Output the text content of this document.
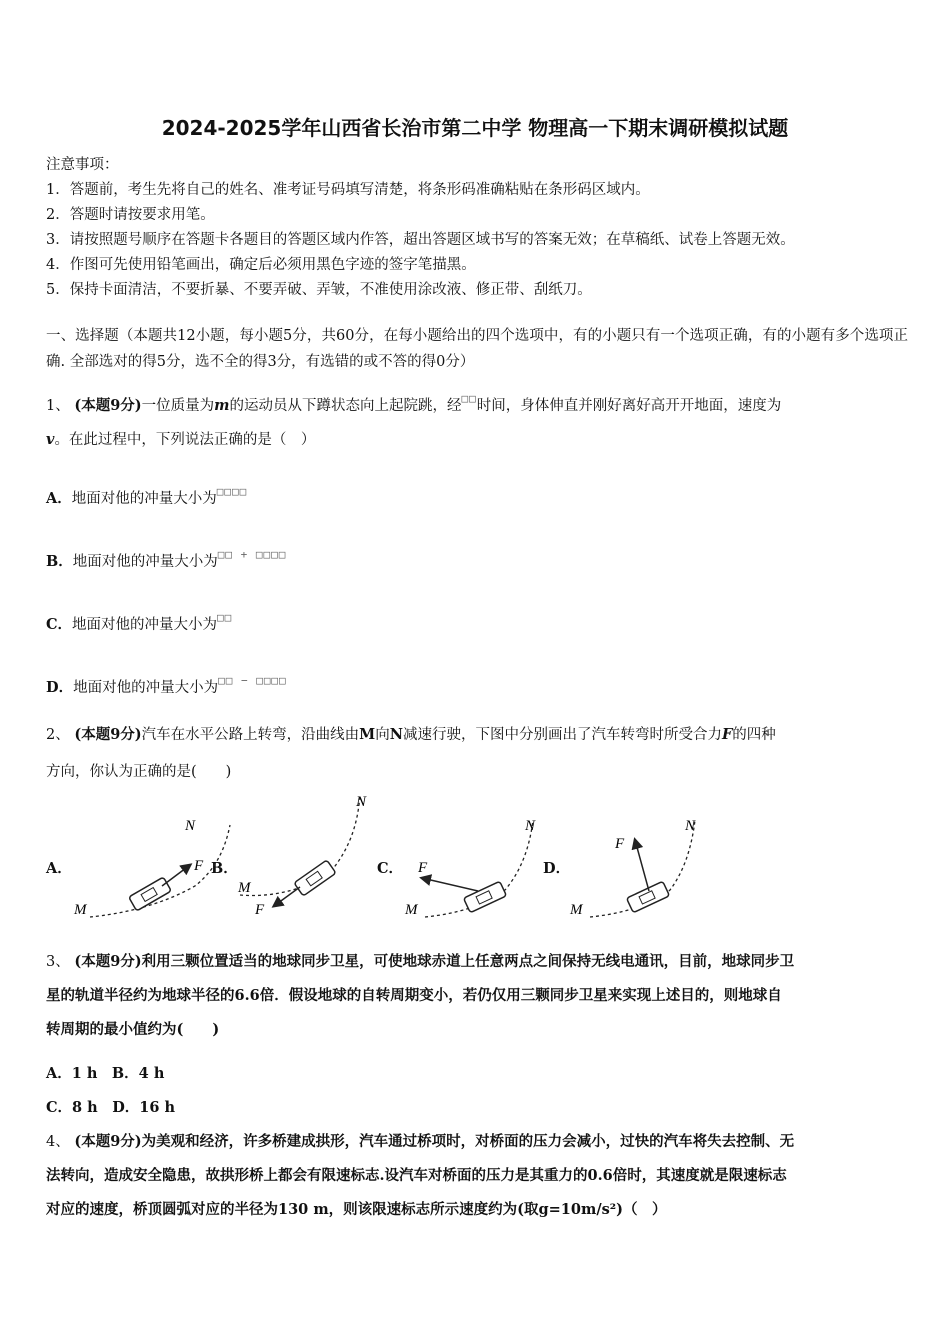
2024-2025学年山西省长治市第二中学 物理高一下期末调研模拟试题
注意事项：
1．答题前，考生先将自己的姓名、准考证号码填写清楚，将条形码准确粘贴在条形码区域内。
2．答题时请按要求用笔。
3．请按照题号顺序在答题卡各题目的答题区域内作答，超出答题区域书写的答案无效；在草稿纸、试卷上答题无效。
4．作图可先使用铅笔画出，确定后必须用黑色字迹的签字笔描黑。
5．保持卡面清洁，不要折暴、不要弄破、弄皱，不准使用涂改液、修正带、刮纸刀。
一、选择题（本题共12小题，每小题5分，共60分，在每小题给出的四个选项中，有的小题只有一个选项正确，有的小题有多个选项正确. 全部选对的得5分，选不全的得3分，有选错的或不答的得0分）
1、 (本题9分)一位质量为m的运动员从下蹲状态向上起院跳，经□□时间，身体伸直并刚好离好高开开地面，速度为
v。在此过程中，下列说法正确的是（　）
A．地面对他的冲量大小为□□□□
B．地面对他的冲量大小为□□ + □□□□
C．地面对他的冲量大小为□□
D．地面对他的冲量大小为□□ − □□□□
2、 (本题9分)汽车在水平公路上转弯，沿曲线由M向N减速行驶，下图中分别画出了汽车转弯时所受合力F的四种
方向，你认为正确的是(　　)
A．	B．	C．	D．
M
N
F
M
N
F	M
N
F
M
N
F
3、 (本题9分)利用三颗位置适当的地球同步卫星，可使地球赤道上任意两点之间保持无线电通讯，目前，地球同步卫
星的轨道半径约为地球半径的6.6倍．假设地球的自转周期变小，若仍仅用三颗同步卫星来实现上述目的，则地球自
转周期的最小值约为(　　)
A．1 h　B．4 h
C．8 h　D．16 h
4、 (本题9分)为美观和经济，许多桥建成拱形，汽车通过桥项时，对桥面的压力会减小，过快的汽车将失去控制、无
法转向，造成安全隐患，故拱形桥上都会有限速标志.设汽车对桥面的压力是其重力的0.6倍时，其速度就是限速标志
对应的速度，桥顶圆弧对应的半径为130 m，则该限速标志所示速度约为(取g=10m/s²)（　）
